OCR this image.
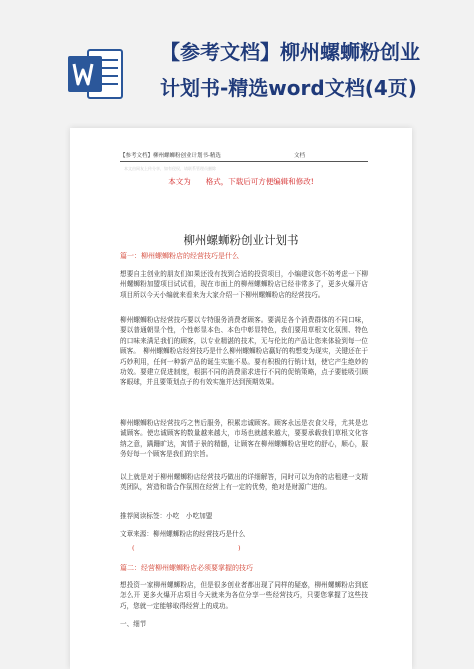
【参考文档】柳州螺蛳粉创业
计划书-精选word文档(4页)
【参考文档】柳州螺蛳粉创业计划书-精选	文档
本文由网友上传分享，如有侵权，请联系管理员删除
本文为　　格式，下载后可方便编辑和修改!
柳州螺蛳粉创业计划书
篇一：柳州螺蛳粉店的经营技巧是什么
想要自主创业的朋友们如果还没有找到合适的投资项目，小编建议您不妨考虑一下柳州螺蛳粉加盟项目试试看，现在市面上的柳州螺蛳粉店已经非常多了，更多火爆开店项目所以今天小编就来看来为大家介绍一下柳州螺蛳粉店的经营技巧。
柳州螺蛳粉店经营技巧要以专特服务消费者顾客。要满足各个消费群体的不同口味，要以普通朝显个性，个性彰显本色、本色中彰显特色，我们要用草根文化氛围、特色的口味来满足我们的顾客，以专业精湛的技术，无与伦比的产品让您来体验到每一位顾客。　柳州螺蛳粉店经营技巧是什么柳州螺蛳粉店赢好的构想变为现实，关键还在于巧妙利用，任何一种新产品的诞生实施不易。要有积极的行销计划，使它产生绝妙的功效。要建立促进制度，根据不同的消费需求进行不同的促销策略，点子要能吸引顾客眼球，并且要策划点子的有效实施并达到预期效果。
柳州螺蛳粉店经营技巧之售后服务，积累忠诚顾客。顾客永远是衣食父母，尤其是忠诚顾客。使忠诚顾客的数量越来越大，市场也就越来越大，要要承载我们草根文化容纳之意，蹒跚旷达，寓情于景的精髓，让顾客在柳州螺蛳粉店里吃的舒心，顺心，服务好每一个顾客是我们的宗旨。
以上就是对于柳州螺蛳粉店经营技巧做出的详细解答，同时可以为你的店租建一支精英团队，营造和谐合作氛围在经营上有一定的优势，绝对是财源广进的。
推荐阅读标签：小吃　小吃加盟
文章来源：柳州螺蛳粉店的经营技巧是什么
(	)
篇二：经营柳州螺蛳粉店必须要掌握的技巧
想投资一家柳州螺蛳粉店，但是很多创业者都出现了同样的疑惑，柳州螺蛳粉店到底怎么开 更多火爆开店项目今天就来为各位分享一些经营技巧，只要您掌握了这些技巧，您就一定能够取得经营上的成功。
一、细节
